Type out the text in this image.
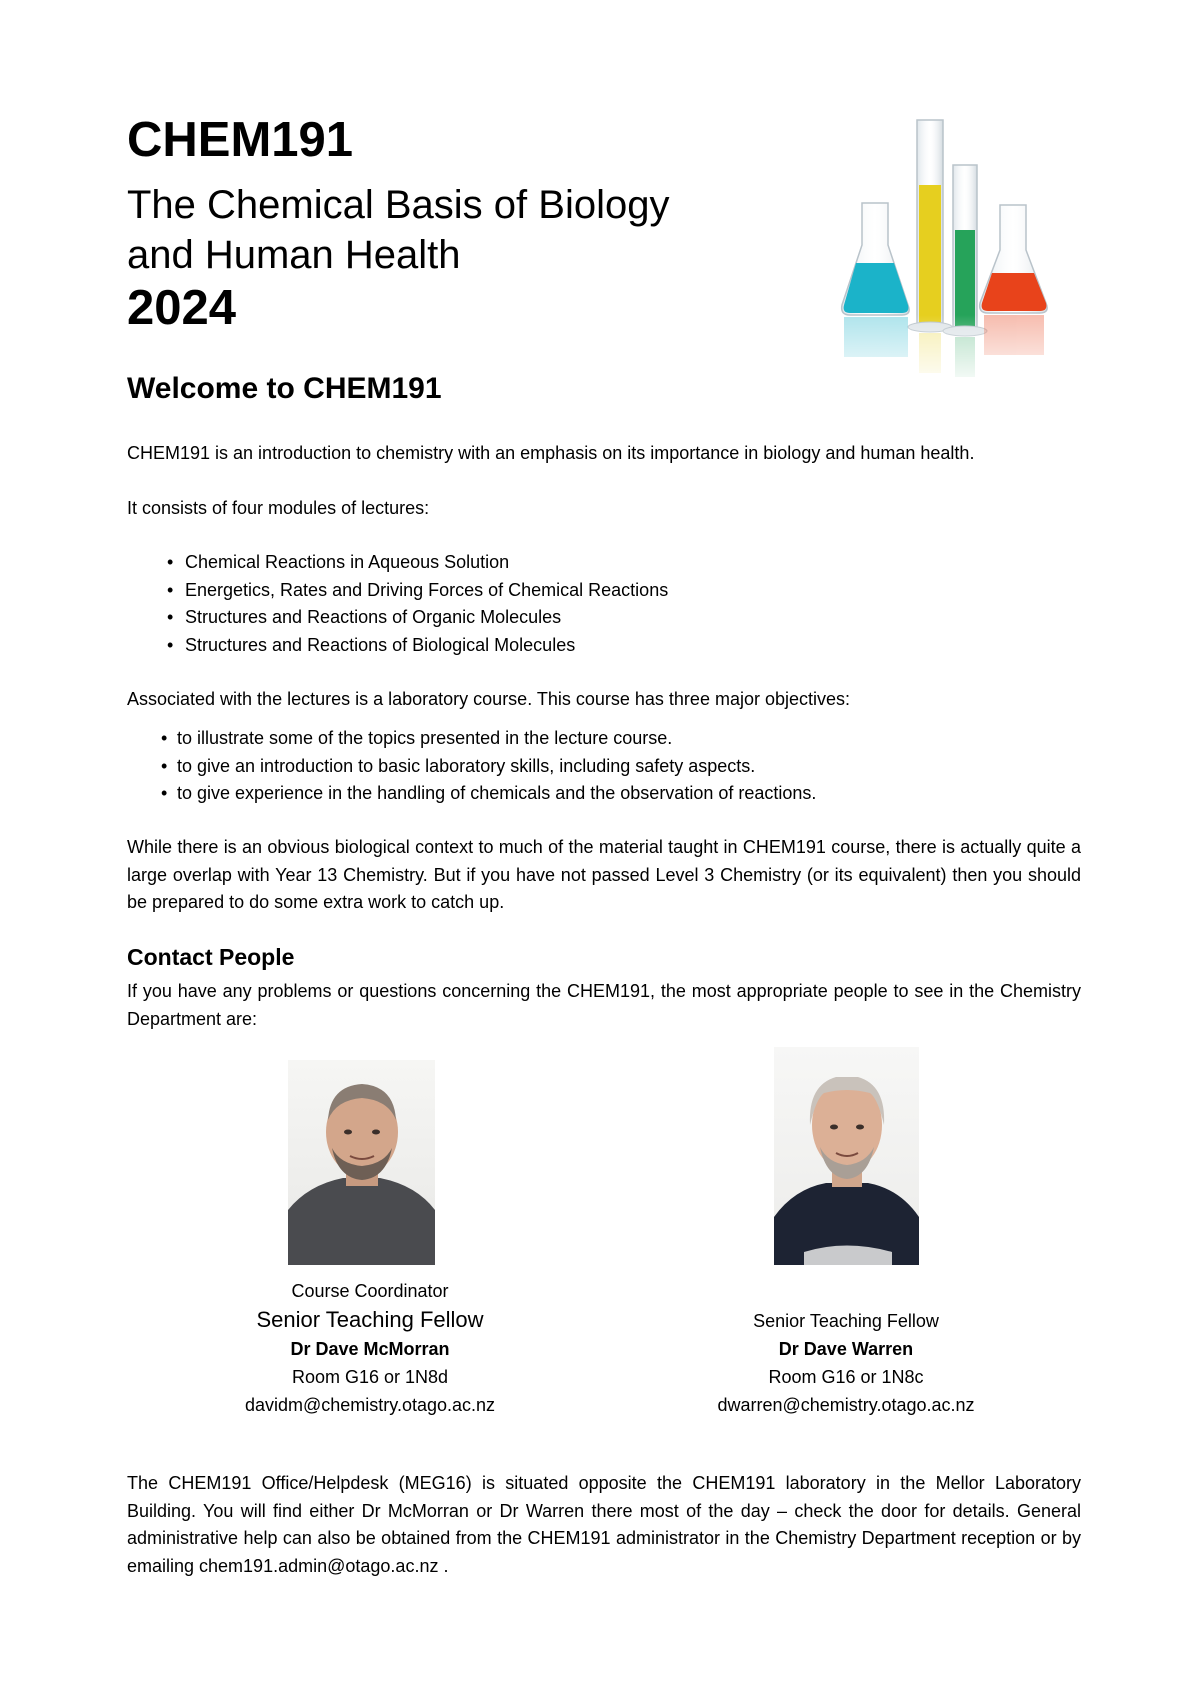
CHEM191
The Chemical Basis of Biology
and Human Health
2024
Welcome to CHEM191

CHEM191 is an introduction to chemistry with an emphasis on its importance in biology and human health.

It consists of four modules of lectures:

• Chemical Reactions in Aqueous Solution
• Energetics, Rates and Driving Forces of Chemical Reactions
• Structures and Reactions of Organic Molecules
• Structures and Reactions of Biological Molecules

Associated with the lectures is a laboratory course. This course has three major objectives:

• to illustrate some of the topics presented in the lecture course.
• to give an introduction to basic laboratory skills, including safety aspects.
• to give experience in the handling of chemicals and the observation of reactions.

While there is an obvious biological context to much of the material taught in CHEM191 course, there is actually quite a large overlap with Year 13 Chemistry. But if you have not passed Level 3 Chemistry (or its equivalent) then you should be prepared to do some extra work to catch up.

Contact People

If you have any problems or questions concerning the CHEM191, the most appropriate people to see in the Chemistry Department are:

Course Coordinator
Senior Teaching Fellow
Dr Dave McMorran
Room G16 or 1N8d
davidm@chemistry.otago.ac.nz
Senior Teaching Fellow
Dr Dave Warren
Room G16 or 1N8c
dwarren@chemistry.otago.ac.nz

The CHEM191 Office/Helpdesk (MEG16) is situated opposite the CHEM191 laboratory in the Mellor Laboratory Building. You will find either Dr McMorran or Dr Warren there most of the day – check the door for details. General administrative help can also be obtained from the CHEM191 administrator in the Chemistry Department reception or by emailing chem191.admin@otago.ac.nz .
